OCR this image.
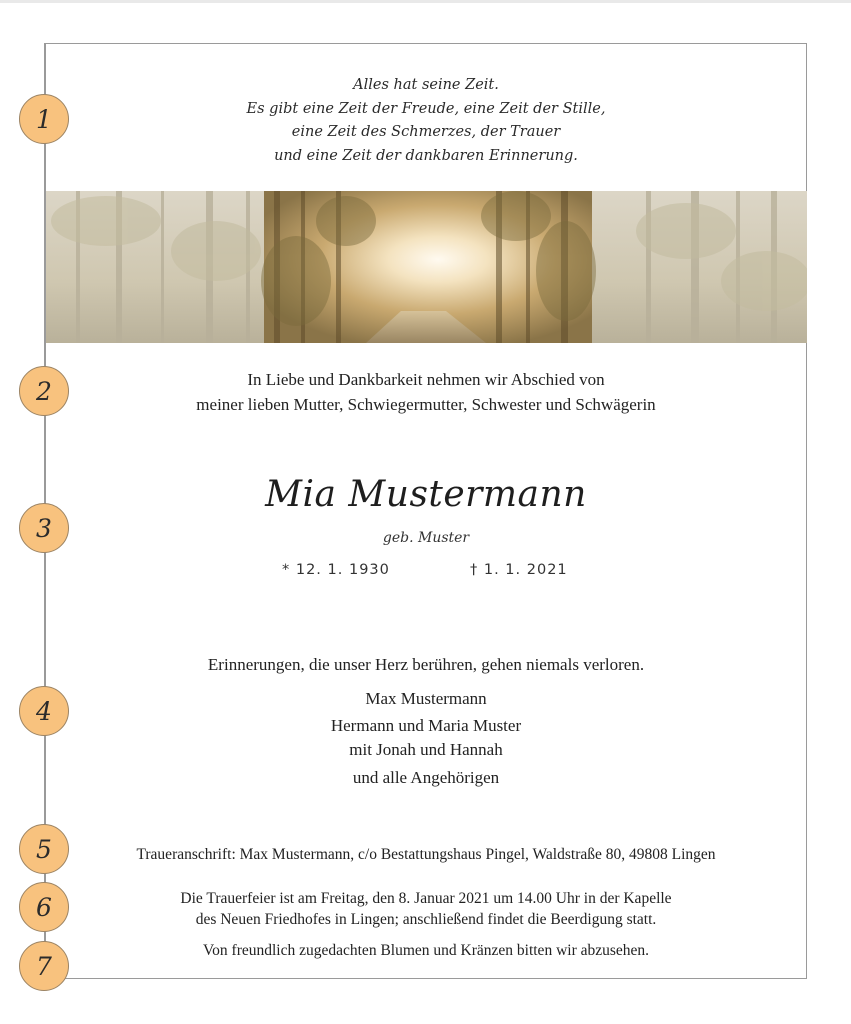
1
2
3
4
5
6
7
Alles hat seine Zeit.
Es gibt eine Zeit der Freude, eine Zeit der Stille,
eine Zeit des Schmerzes, der Trauer
und eine Zeit der dankbaren Erinnerung.
In Liebe und Dankbarkeit nehmen wir Abschied von
meiner lieben Mutter, Schwiegermutter, Schwester und Schwägerin
Mia Mustermann
geb. Muster
* 12. 1. 1930	† 1. 1. 2021
Erinnerungen, die unser Herz berühren, gehen niemals verloren.
Max Mustermann
Hermann und Maria Muster
mit Jonah und Hannah
und alle Angehörigen
Traueranschrift: Max Mustermann, c/o Bestattungshaus Pingel, Waldstraße 80, 49808 Lingen
Die Trauerfeier ist am Freitag, den 8. Januar 2021 um 14.00 Uhr in der Kapelle
des Neuen Friedhofes in Lingen; anschließend findet die Beerdigung statt.
Von freundlich zugedachten Blumen und Kränzen bitten wir abzusehen.
